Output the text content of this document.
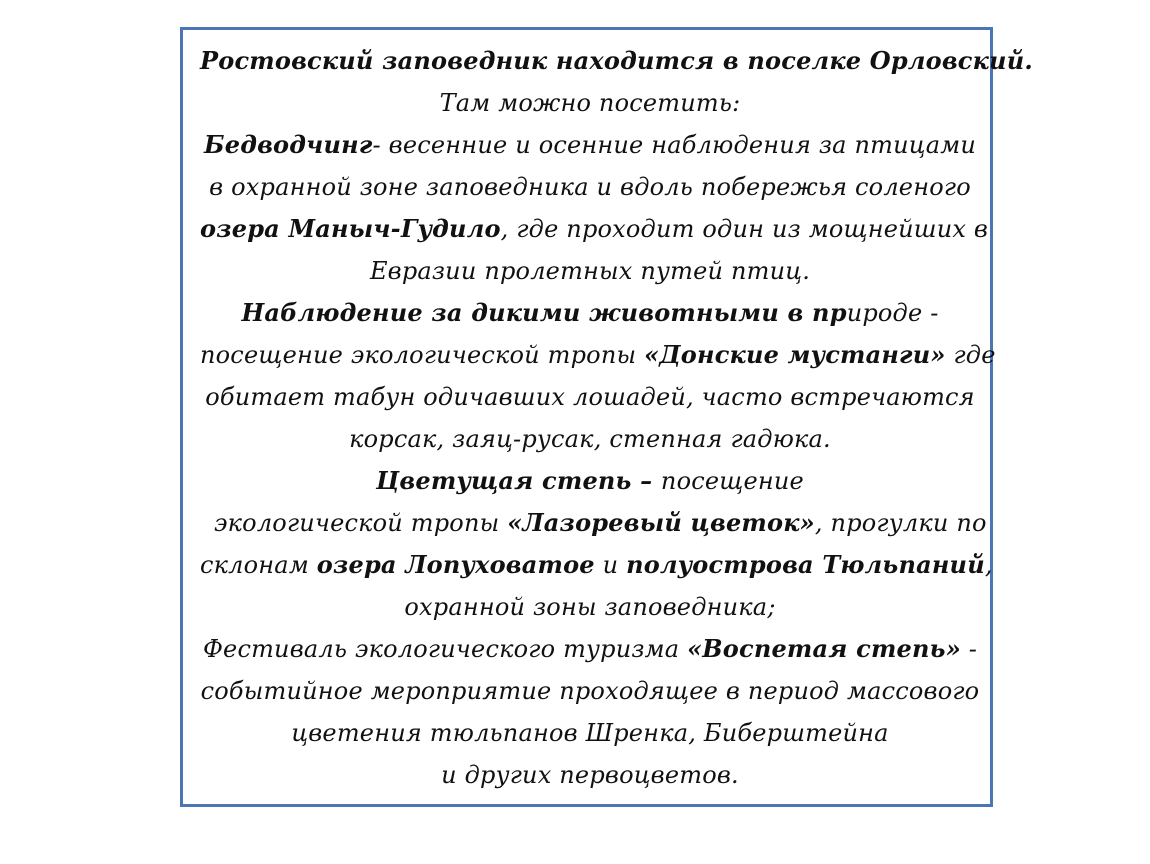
Ростовский заповедник находится в поселке Орловский.
Там можно посетить:
Бедводчинг- весенние и осенние наблюдения за птицами
в охранной зоне заповедника и вдоль побережья соленого
озера Маныч-Гудило, где проходит один из мощнейших в
Евразии пролетных путей птиц.
Наблюдение за дикими животными в природе -
посещение экологической тропы «Донские мустанги» где
обитает табун одичавших лошадей, часто встречаются
корсак, заяц-русак, степная гадюка.
Цветущая степь – посещение
экологической тропы «Лазоревый цветок», прогулки по
склонам озера Лопуховатое и полуострова Тюльпаний,
охранной зоны заповедника;
Фестиваль экологического туризма «Воспетая степь» -
событийное мероприятие проходящее в период массового
цветения тюльпанов Шренка, Биберштейна
и других первоцветов.
